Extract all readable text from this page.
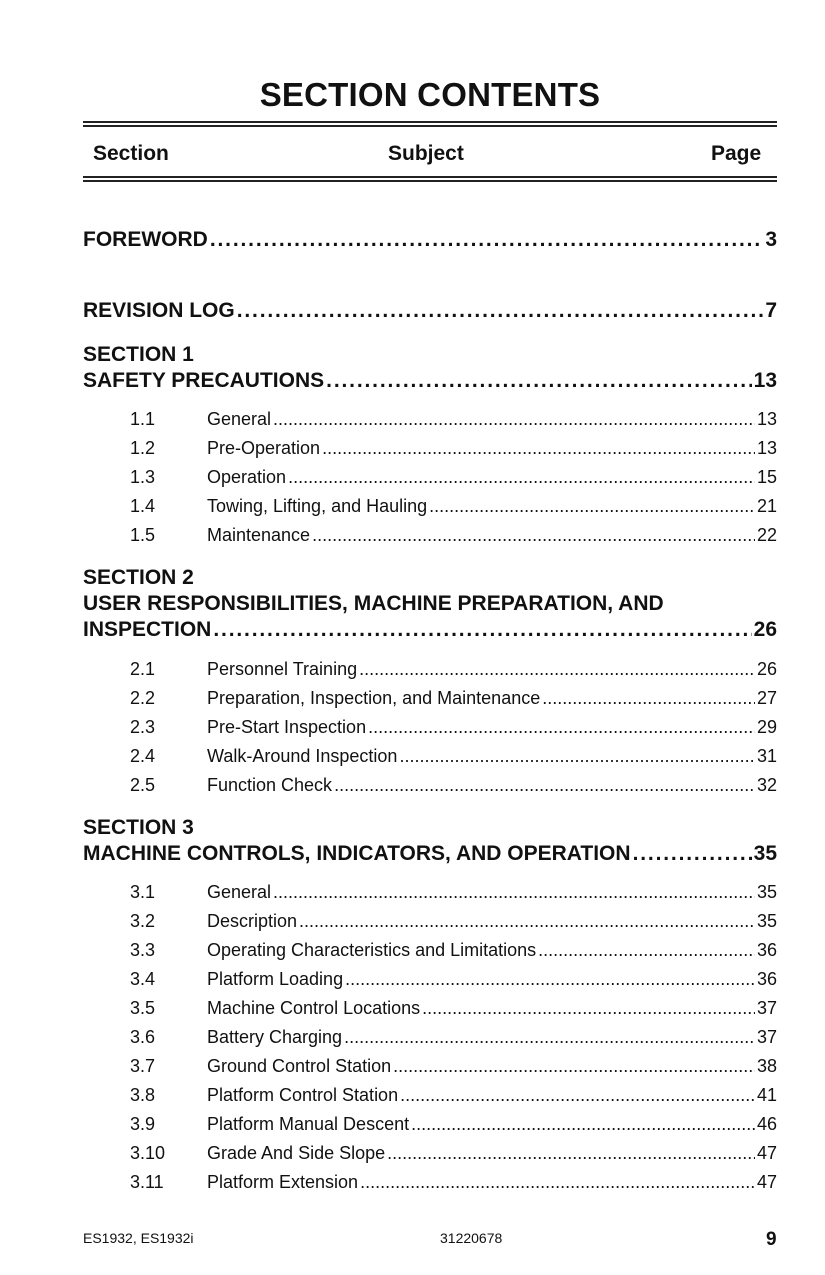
SECTION CONTENTS
Section	Subject	Page
FOREWORD . . .	3
REVISION LOG . . .	7
SECTION 1
SAFETY PRECAUTIONS . . .	13
1.1	General . . .	13
1.2	Pre-Operation . . .	13
1.3	Operation . . .	15
1.4	Towing, Lifting, and Hauling . . .	21
1.5	Maintenance . . .	22
SECTION 2
USER RESPONSIBILITIES, MACHINE PREPARATION, AND
INSPECTION . . .	26
2.1	Personnel Training . . .	26
2.2	Preparation, Inspection, and Maintenance . . .	27
2.3	Pre-Start Inspection . . .	29
2.4	Walk-Around Inspection . . .	31
2.5	Function Check . . .	32
SECTION 3
MACHINE CONTROLS, INDICATORS, AND OPERATION . . .	35
3.1	General . . .	35
3.2	Description . . .	35
3.3	Operating Characteristics and Limitations . . .	36
3.4	Platform Loading . . .	36
3.5	Machine Control Locations . . .	37
3.6	Battery Charging . . .	37
3.7	Ground Control Station . . .	38
3.8	Platform Control Station . . .	41
3.9	Platform Manual Descent . . .	46
3.10	Grade And Side Slope . . .	47
3.11	Platform Extension . . .	47
ES1932, ES1932i	31220678	9
